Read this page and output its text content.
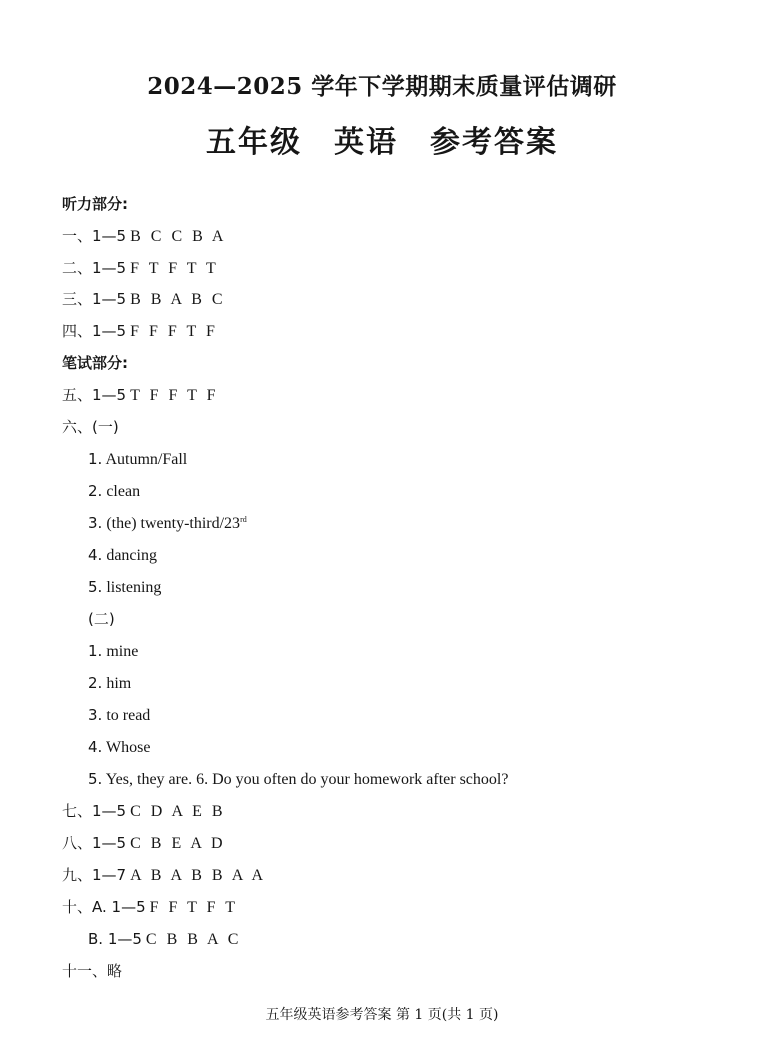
2024—2025 学年下学期期末质量评估调研
五年级 英语 参考答案
听力部分:
一、1—5 B C C B A
二、1—5 F T F T T
三、1—5 B B A B C
四、1—5 F F F T F
笔试部分:
五、1—5 T F F T F
六、(一)
1. Autumn/Fall
2. clean
3. (the) twenty-third/23rd
4. dancing
5. listening
(二)
1. mine
2. him
3. to read
4. Whose
5. Yes, they are. 6. Do you often do your homework after school?
七、1—5 C D A E B
八、1—5 C B E A D
九、1—7 A B A B B A A
十、A. 1—5 F F T F T
B. 1—5 C B B A C
十一、略
五年级英语参考答案 第 1 页(共 1 页)
